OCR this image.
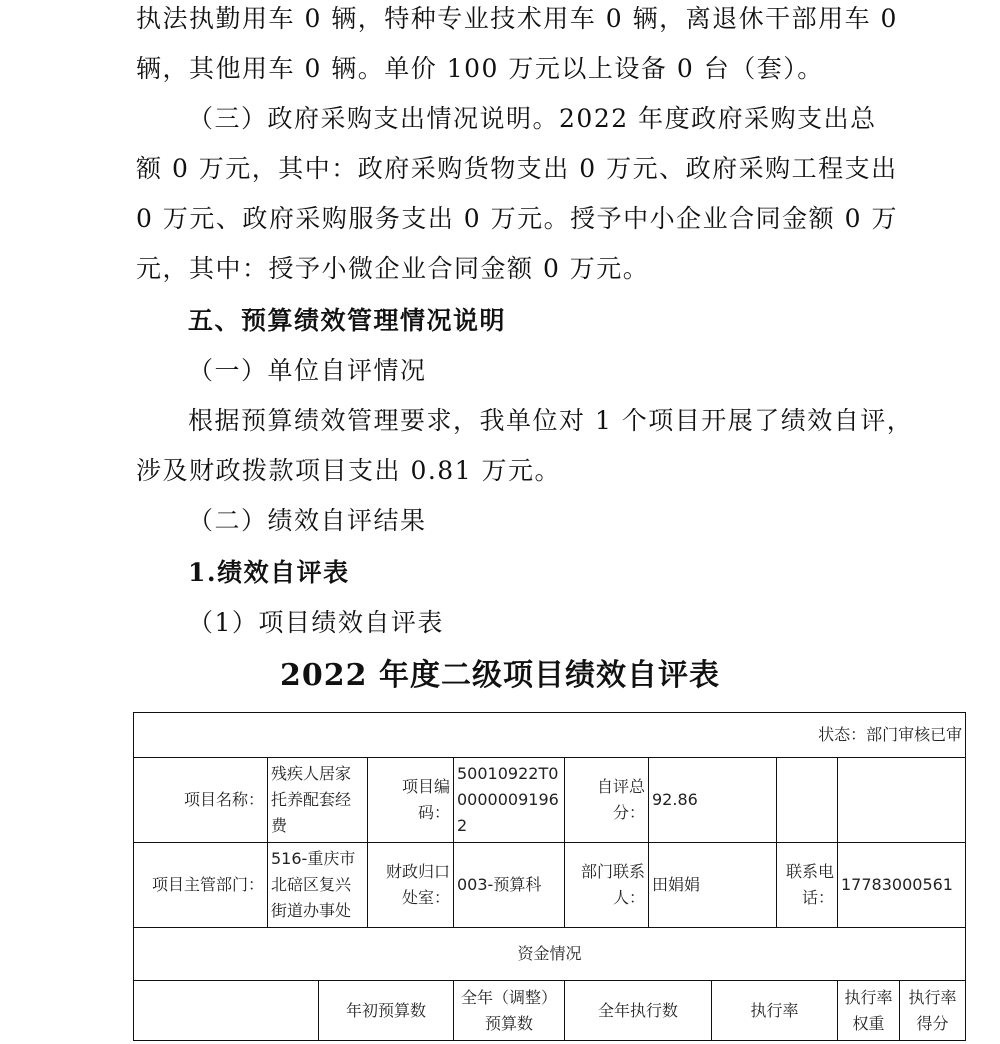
执法执勤用车 0 辆，特种专业技术用车 0 辆，离退休干部用车 0
辆，其他用车 0 辆。单价 100 万元以上设备 0 台（套）。
（三）政府采购支出情况说明。2022 年度政府采购支出总
额 0 万元，其中：政府采购货物支出 0 万元、政府采购工程支出
0 万元、政府采购服务支出 0 万元。授予中小企业合同金额 0 万
元，其中：授予小微企业合同金额 0 万元。
五、预算绩效管理情况说明
（一）单位自评情况
根据预算绩效管理要求，我单位对 1 个项目开展了绩效自评，
涉及财政拨款项目支出 0.81 万元。
（二）绩效自评结果
1.绩效自评表
（1）项目绩效自评表
2022 年度二级项目绩效自评表
状态：部门审核已审										
项目名称：	残疾人居家托养配套经费		项目编码：	50010922T000000091962	自评总分：	92.86				
项目主管部门：	516-重庆市北碚区复兴街道办事处		财政归口处室：	003-预算科	部门联系人：	田娟娟		联系电话：	17783000561	
资金情况										
		年初预算数		全年（调整）预算数	全年执行数		执行率		执行率权重	执行率得分
